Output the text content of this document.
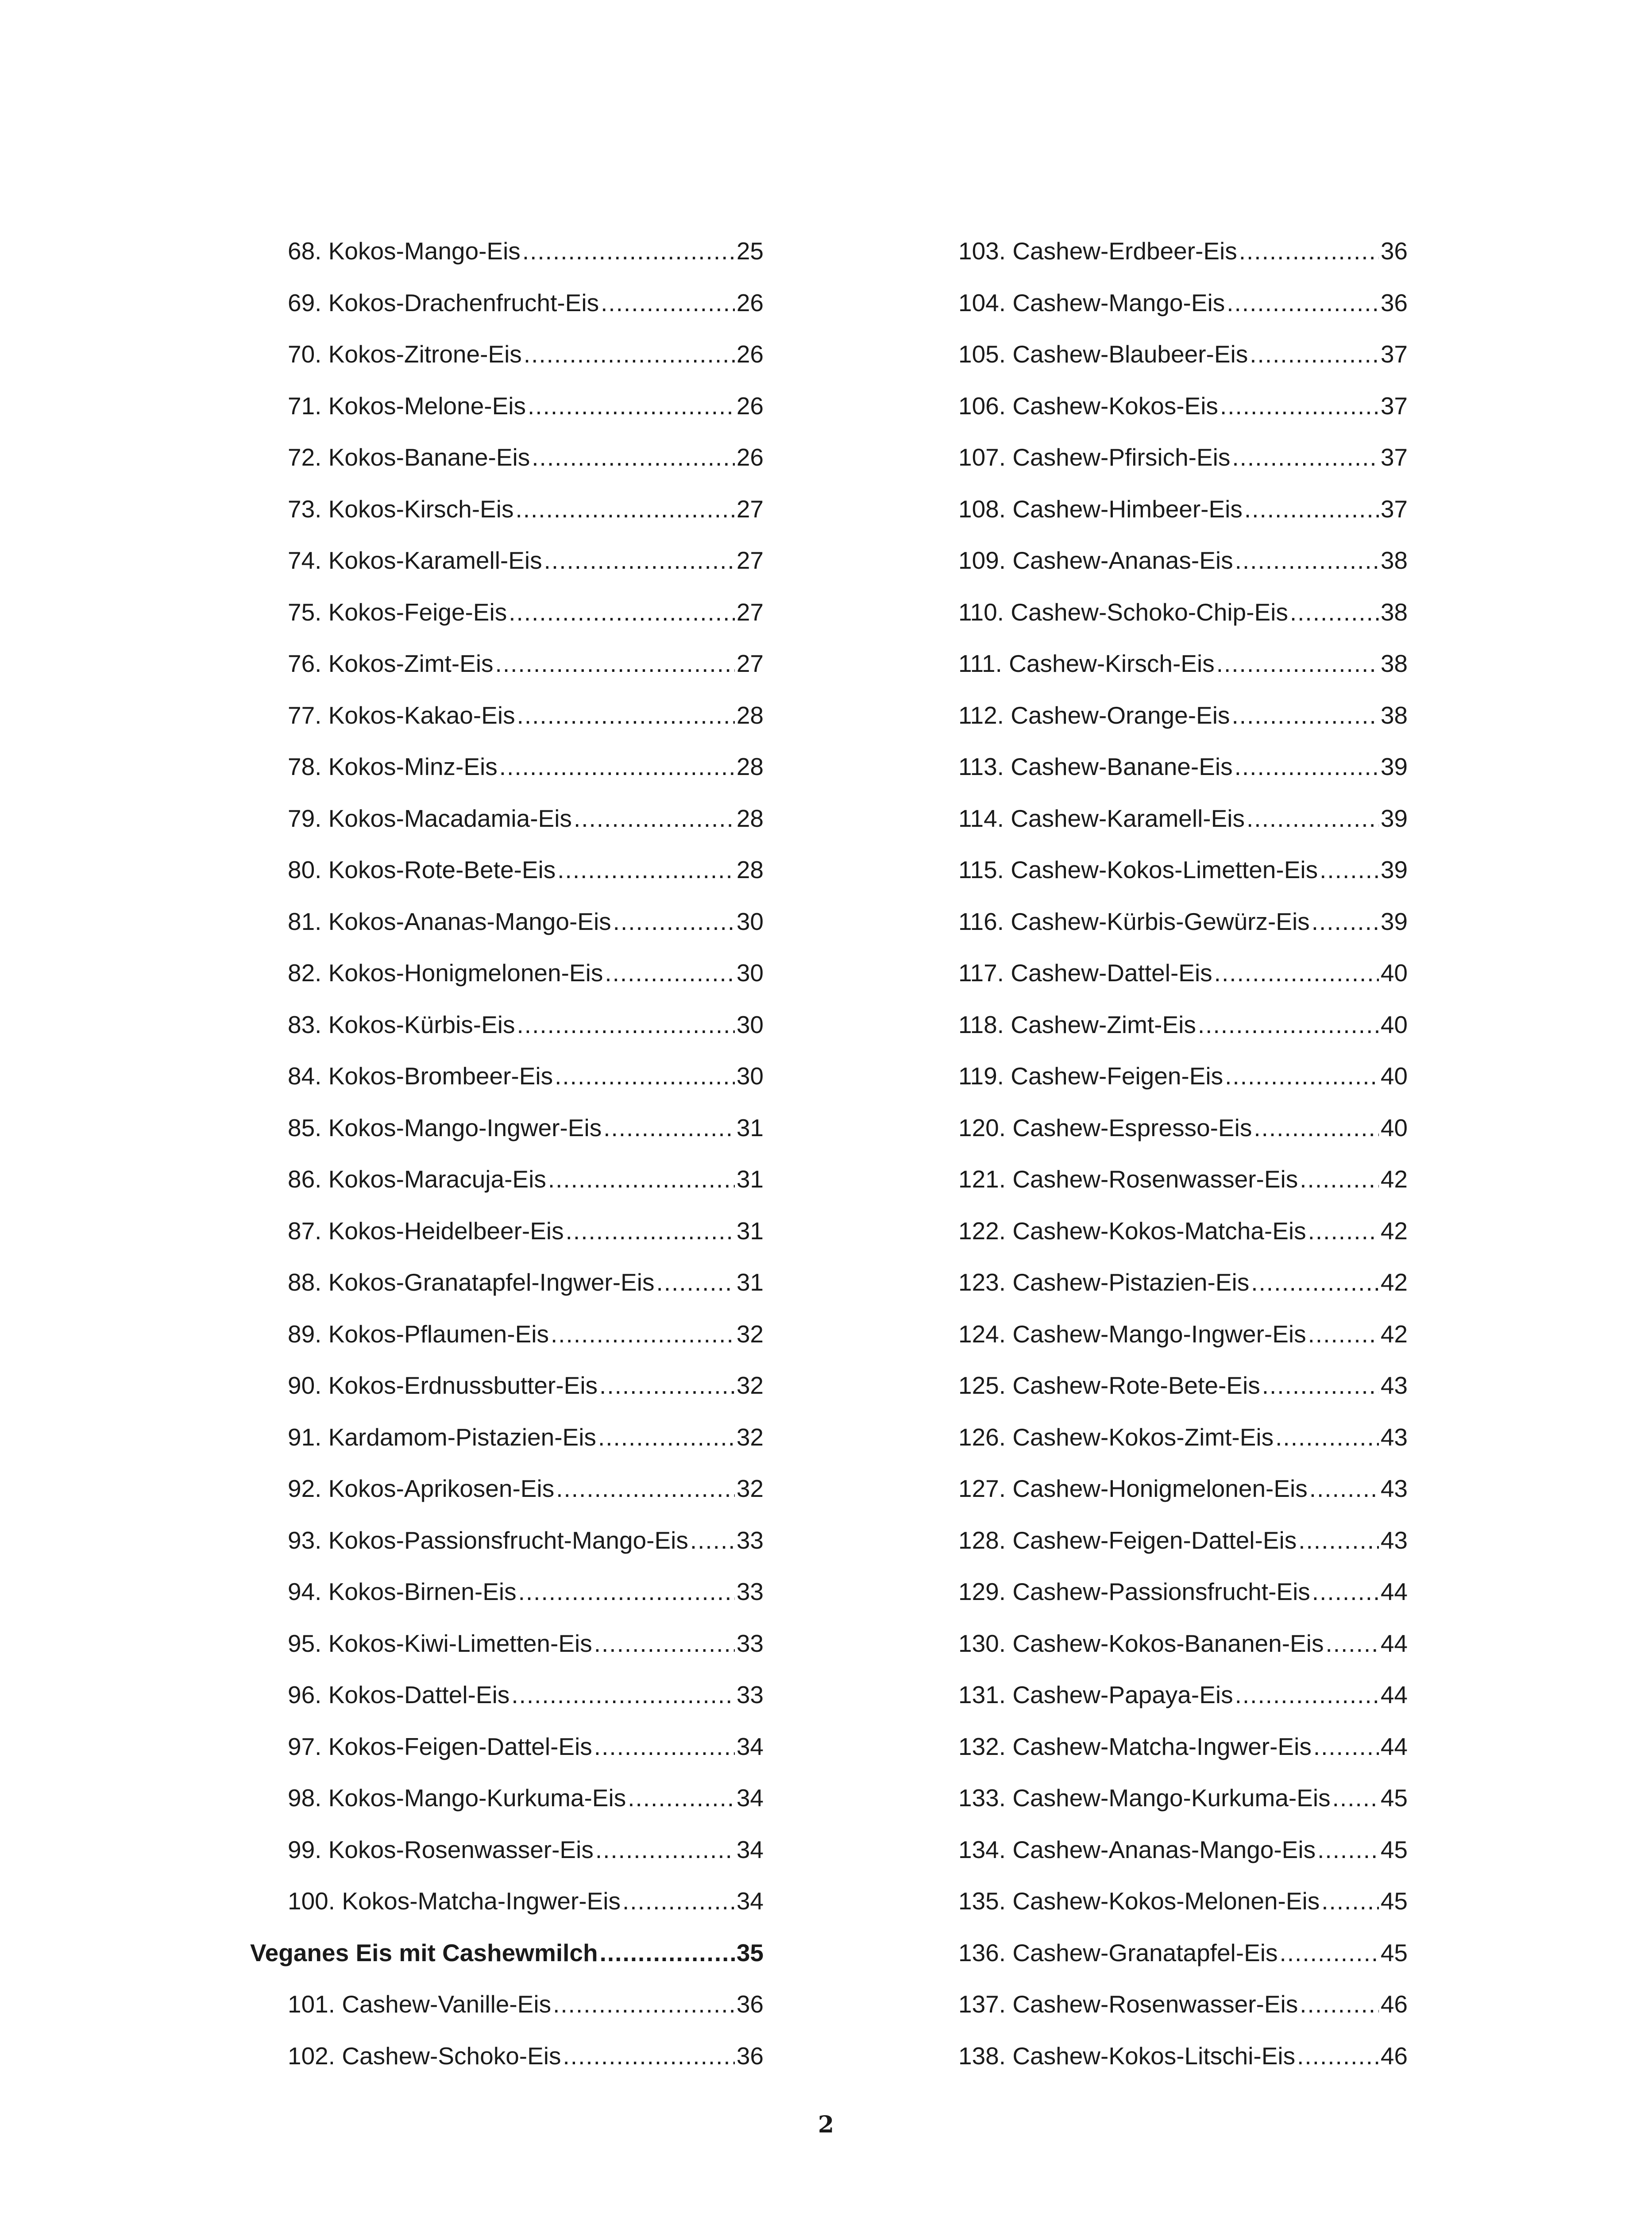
68. Kokos-Mango-Eis .....	25
69. Kokos-Drachenfrucht-Eis .....	26
70. Kokos-Zitrone-Eis .....	26
71. Kokos-Melone-Eis .....	26
72. Kokos-Banane-Eis .....	26
73. Kokos-Kirsch-Eis .....	27
74. Kokos-Karamell-Eis .....	27
75. Kokos-Feige-Eis .....	27
76. Kokos-Zimt-Eis .....	27
77. Kokos-Kakao-Eis .....	28
78. Kokos-Minz-Eis .....	28
79. Kokos-Macadamia-Eis .....	28
80. Kokos-Rote-Bete-Eis .....	28
81. Kokos-Ananas-Mango-Eis .....	30
82. Kokos-Honigmelonen-Eis .....	30
83. Kokos-Kürbis-Eis .....	30
84. Kokos-Brombeer-Eis .....	30
85. Kokos-Mango-Ingwer-Eis .....	31
86. Kokos-Maracuja-Eis .....	31
87. Kokos-Heidelbeer-Eis .....	31
88. Kokos-Granatapfel-Ingwer-Eis .....	31
89. Kokos-Pflaumen-Eis .....	32
90. Kokos-Erdnussbutter-Eis .....	32
91. Kardamom-Pistazien-Eis .....	32
92. Kokos-Aprikosen-Eis .....	32
93. Kokos-Passionsfrucht-Mango-Eis ..... 33
94. Kokos-Birnen-Eis .....	33
95. Kokos-Kiwi-Limetten-Eis .....	33
96. Kokos-Dattel-Eis .....	33
97. Kokos-Feigen-Dattel-Eis .....	34
98. Kokos-Mango-Kurkuma-Eis .....	34
99. Kokos-Rosenwasser-Eis .....	34
100. Kokos-Matcha-Ingwer-Eis .....	34
Veganes Eis mit Cashewmilch .....	35
101. Cashew-Vanille-Eis .....	36
102. Cashew-Schoko-Eis .....	36
103. Cashew-Erdbeer-Eis .....	36
104. Cashew-Mango-Eis .....	36
105. Cashew-Blaubeer-Eis .....	37
106. Cashew-Kokos-Eis .....	37
107. Cashew-Pfirsich-Eis .....	37
108. Cashew-Himbeer-Eis .....	37
109. Cashew-Ananas-Eis .....	38
110. Cashew-Schoko-Chip-Eis .....	38
111. Cashew-Kirsch-Eis .....	38
112. Cashew-Orange-Eis .....	38
113. Cashew-Banane-Eis .....	39
114. Cashew-Karamell-Eis .....	39
115. Cashew-Kokos-Limetten-Eis .....	39
116. Cashew-Kürbis-Gewürz-Eis .....	39
117. Cashew-Dattel-Eis .....	40
118. Cashew-Zimt-Eis .....	40
119. Cashew-Feigen-Eis .....	40
120. Cashew-Espresso-Eis .....	40
121. Cashew-Rosenwasser-Eis .....	42
122. Cashew-Kokos-Matcha-Eis .....	42
123. Cashew-Pistazien-Eis .....	42
124. Cashew-Mango-Ingwer-Eis .....	42
125. Cashew-Rote-Bete-Eis .....	43
126. Cashew-Kokos-Zimt-Eis .....	43
127. Cashew-Honigmelonen-Eis .....	43
128. Cashew-Feigen-Dattel-Eis .....	43
129. Cashew-Passionsfrucht-Eis .....	44
130. Cashew-Kokos-Bananen-Eis ..... 44
131. Cashew-Papaya-Eis .....	44
132. Cashew-Matcha-Ingwer-Eis .....	44
133. Cashew-Mango-Kurkuma-Eis ..... 45
134. Cashew-Ananas-Mango-Eis .....	45
135. Cashew-Kokos-Melonen-Eis .....	45
136. Cashew-Granatapfel-Eis .....	45
137. Cashew-Rosenwasser-Eis .....	46
138. Cashew-Kokos-Litschi-Eis .....	46
2
